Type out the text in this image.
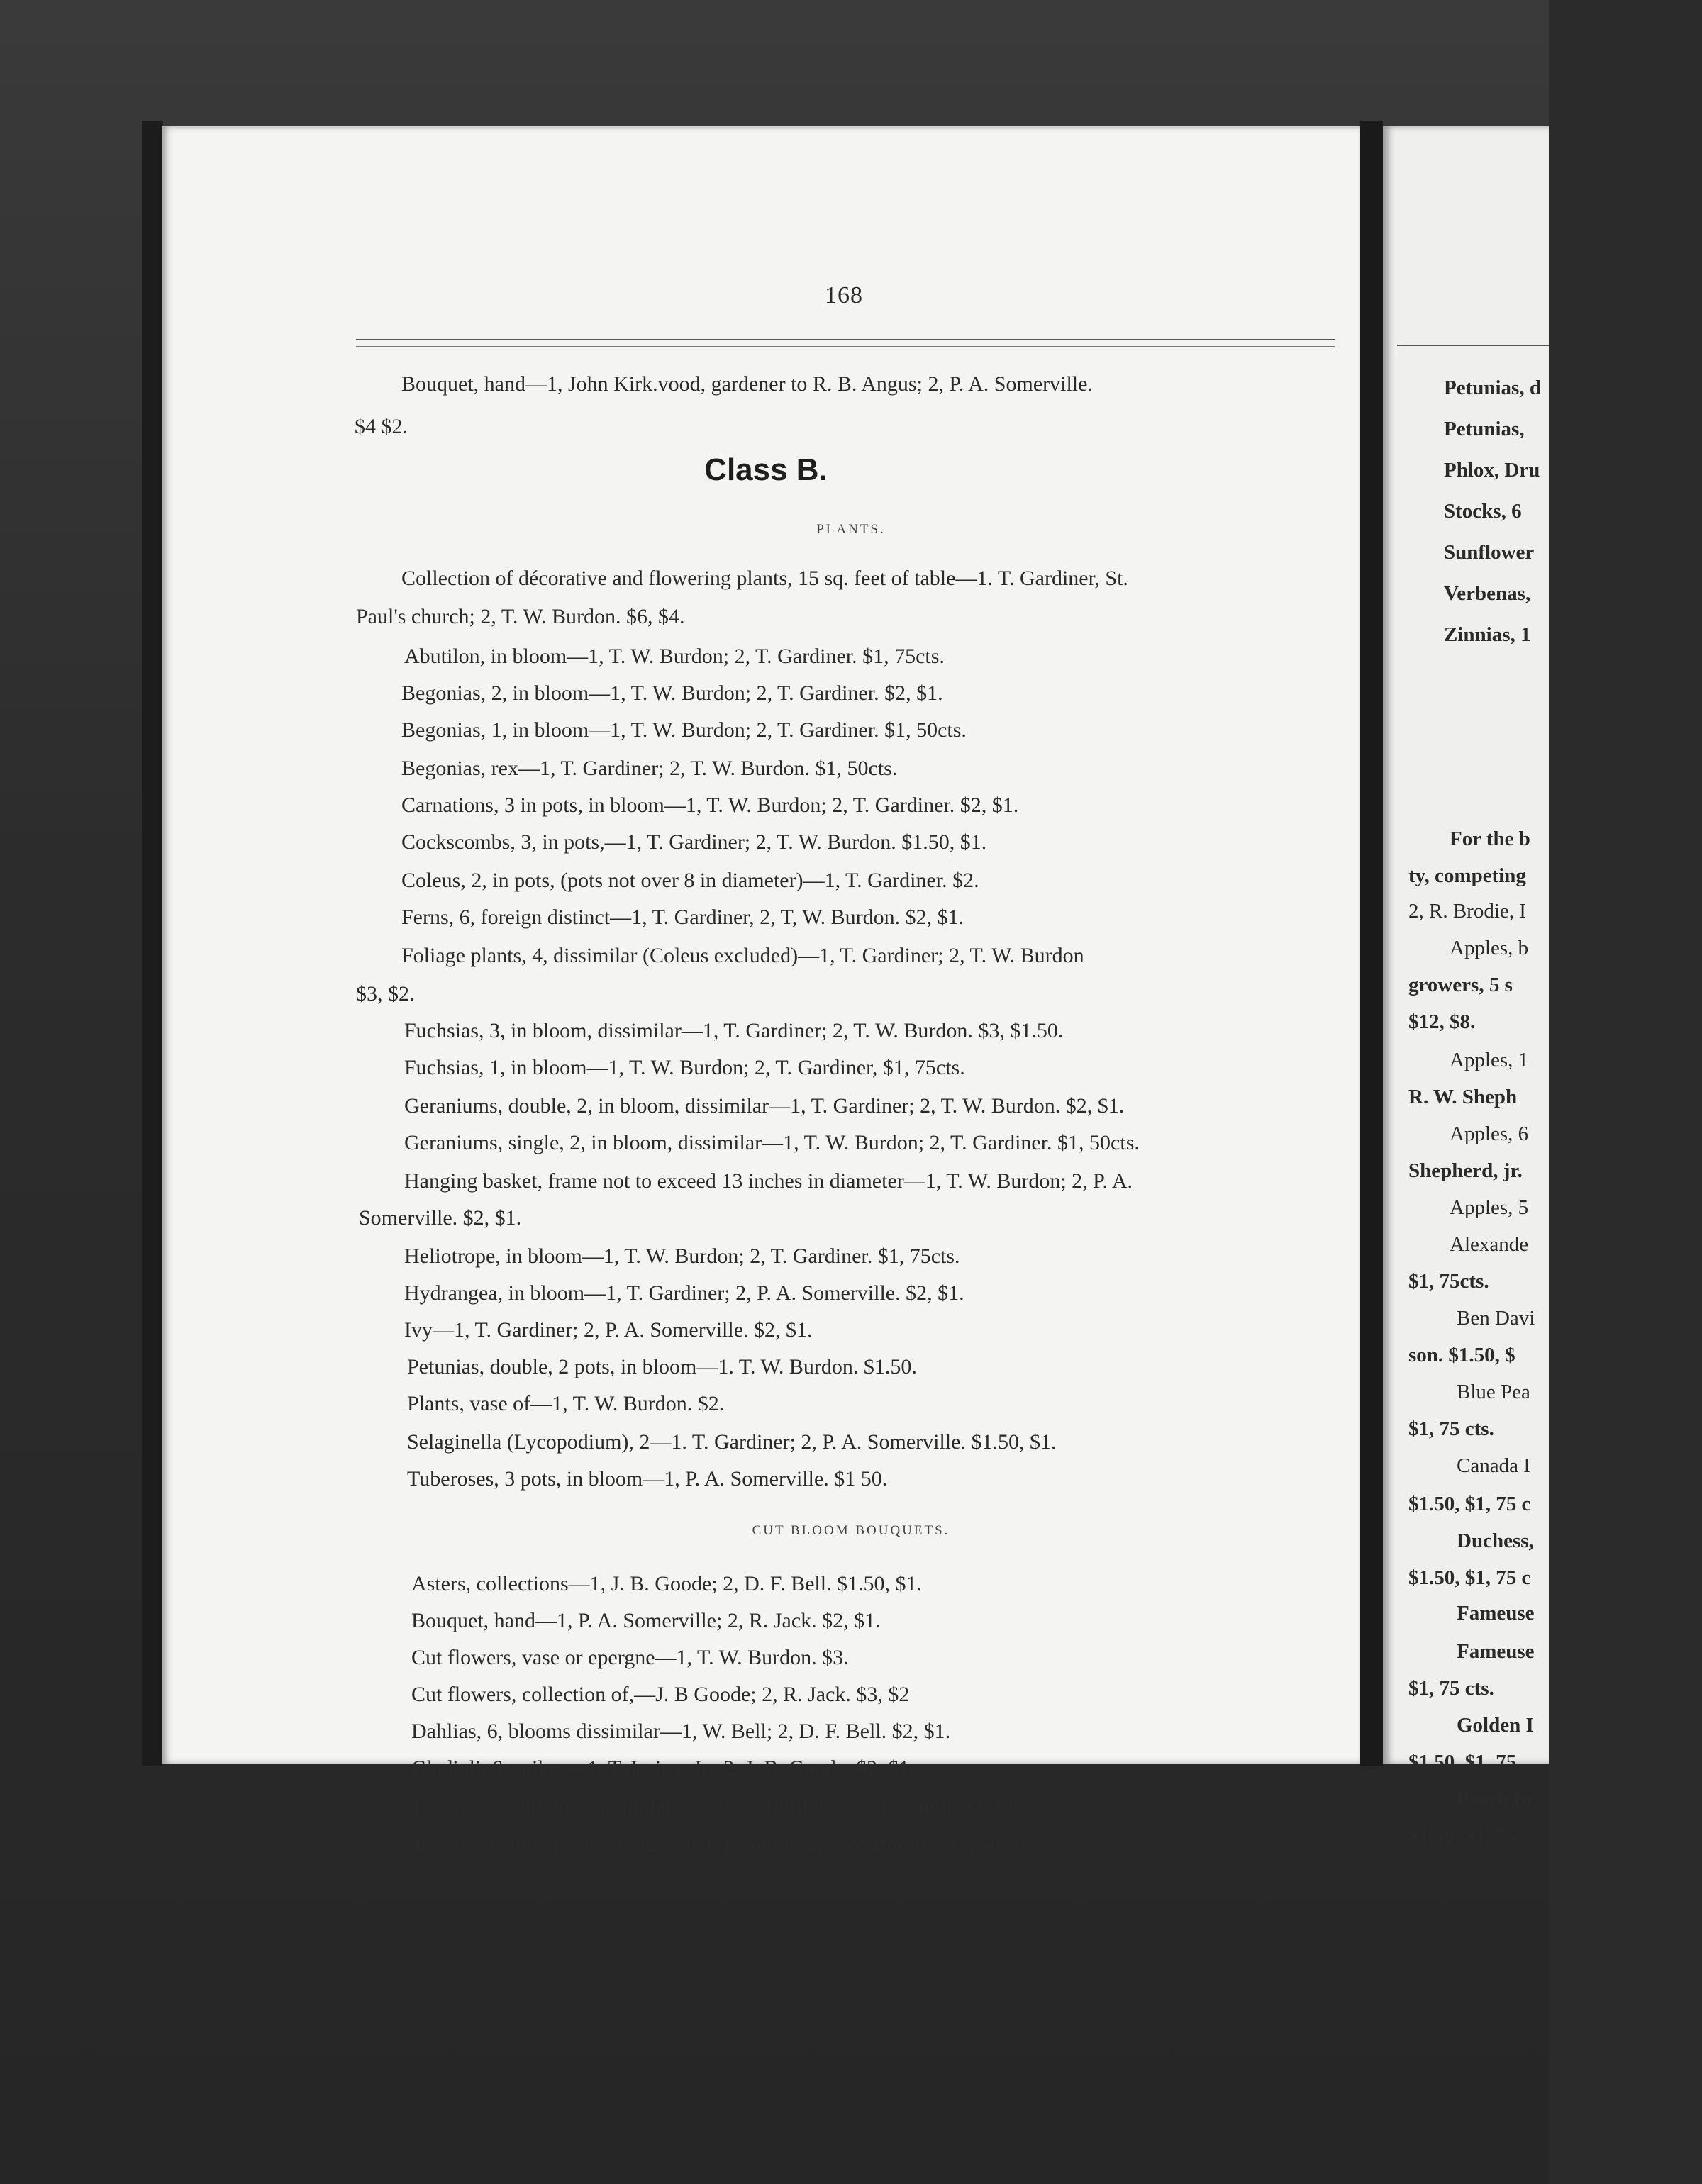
168
Bouquet, hand—1, John Kirk.vood, gardener to R. B. Angus; 2, P. A. Somerville.
$4 $2.
Class B.
PLANTS.
Collection of décorative and flowering plants, 15 sq. feet of table—1. T. Gardiner, St.
Paul's church; 2, T. W. Burdon. $6, $4.
Abutilon, in bloom—1, T. W. Burdon; 2, T. Gardiner. $1, 75cts.
Begonias, 2, in bloom—1, T. W. Burdon; 2, T. Gardiner. $2, $1.
Begonias, 1, in bloom—1, T. W. Burdon; 2, T. Gardiner. $1, 50cts.
Begonias, rex—1, T. Gardiner; 2, T. W. Burdon. $1, 50cts.
Carnations, 3 in pots, in bloom—1, T. W. Burdon; 2, T. Gardiner. $2, $1.
Cockscombs, 3, in pots,—1, T. Gardiner; 2, T. W. Burdon. $1.50, $1.
Coleus, 2, in pots, (pots not over 8 in diameter)—1, T. Gardiner. $2.
Ferns, 6, foreign distinct—1, T. Gardiner, 2, T, W. Burdon. $2, $1.
Foliage plants, 4, dissimilar (Coleus excluded)—1, T. Gardiner; 2, T. W. Burdon
$3, $2.
Fuchsias, 3, in bloom, dissimilar—1, T. Gardiner; 2, T. W. Burdon. $3, $1.50.
Fuchsias, 1, in bloom—1, T. W. Burdon; 2, T. Gardiner, $1, 75cts.
Geraniums, double, 2, in bloom, dissimilar—1, T. Gardiner; 2, T. W. Burdon. $2, $1.
Geraniums, single, 2, in bloom, dissimilar—1, T. W. Burdon; 2, T. Gardiner. $1, 50cts.
Hanging basket, frame not to exceed 13 inches in diameter—1, T. W. Burdon; 2, P. A.
Somerville. $2, $1.
Heliotrope, in bloom—1, T. W. Burdon; 2, T. Gardiner. $1, 75cts.
Hydrangea, in bloom—1, T. Gardiner; 2, P. A. Somerville. $2, $1.
Ivy—1, T. Gardiner; 2, P. A. Somerville. $2, $1.
Petunias, double, 2 pots, in bloom—1. T. W. Burdon. $1.50.
Plants, vase of—1, T. W. Burdon. $2.
Selaginella (Lycopodium), 2—1. T. Gardiner; 2, P. A. Somerville. $1.50, $1.
Tuberoses, 3 pots, in bloom—1, P. A. Somerville. $1 50.
CUT BLOOM BOUQUETS.
Asters, collections—1, J. B. Goode; 2, D. F. Bell. $1.50, $1.
Bouquet, hand—1, P. A. Somerville; 2, R. Jack. $2, $1.
Cut flowers, vase or epergne—1, T. W. Burdon. $3.
Cut flowers, collection of,—J. B Goode; 2, R. Jack. $3, $2
Dahlias, 6, blooms dissimilar—1, W. Bell; 2, D. F. Bell. $2, $1.
Gladioli, 6, spikes—1, T. Irving, Jr.; 2, J. B. Goode. $2. $1.
Pansies, 12, blooms dissimilar—1. T. W. Burdon; 2, J. F. Smith. $2, $1.
Pansies, 6, blooms dissimilar—1, J. F. Smith; 2, T.W. Burdon. $1, 50 cts.
Petunias, d
Petunias,
Phlox, Dru
Stocks, 6
Sunflower
Verbenas,
Zinnias, 1
For the b
ty, competing
2, R. Brodie, I
Apples, b
growers, 5 s
$12, $8.
Apples, 1
R. W. Sheph
Apples, 6
Shepherd, jr.
Apples, 5
Alexande
$1, 75cts.
Ben Davi
son. $1.50, $
Blue Pea
$1, 75 cts.
Canada I
$1.50, $1, 75 c
Duchess,
$1.50, $1, 75 c
Fameuse
Fameuse
$1, 75 cts.
Golden I
$1.50. $1, 75
Peach (o
$1.50, $1, 75
